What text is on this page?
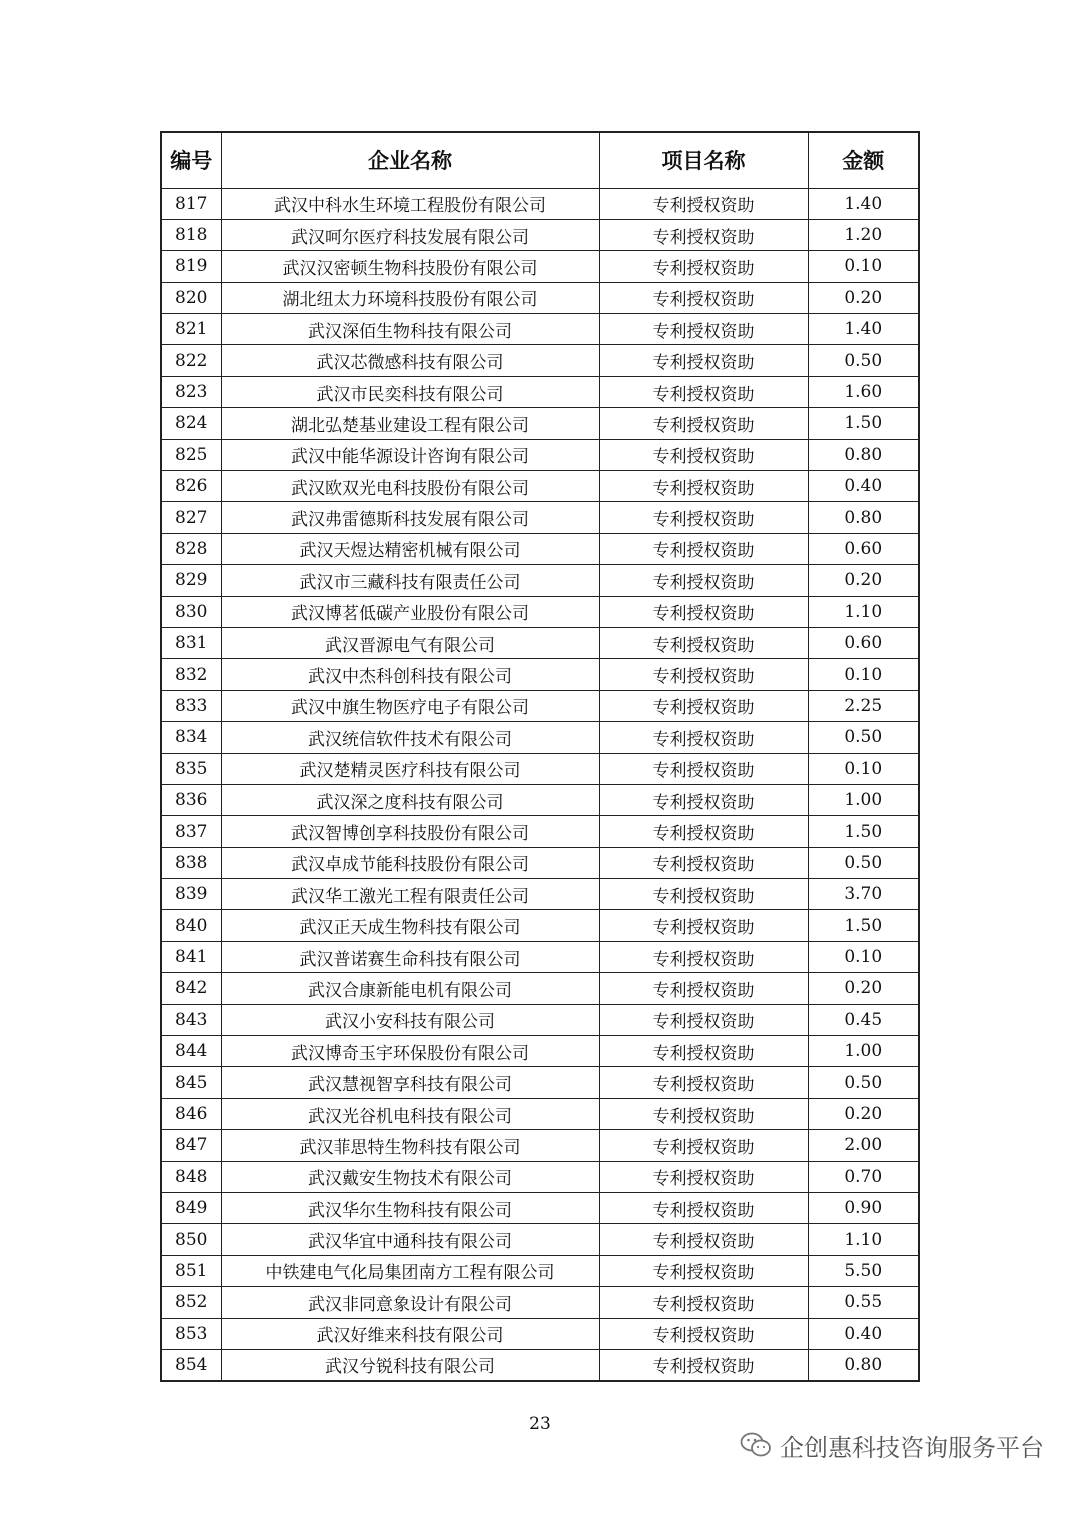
编号	企业名称	项目名称	金额
817	武汉中科水生环境工程股份有限公司	专利授权资助	1.40
818	武汉呵尔医疗科技发展有限公司	专利授权资助	1.20
819	武汉汉密顿生物科技股份有限公司	专利授权资助	0.10
820	湖北纽太力环境科技股份有限公司	专利授权资助	0.20
821	武汉深佰生物科技有限公司	专利授权资助	1.40
822	武汉芯微感科技有限公司	专利授权资助	0.50
823	武汉市民奕科技有限公司	专利授权资助	1.60
824	湖北弘楚基业建设工程有限公司	专利授权资助	1.50
825	武汉中能华源设计咨询有限公司	专利授权资助	0.80
826	武汉欧双光电科技股份有限公司	专利授权资助	0.40
827	武汉弗雷德斯科技发展有限公司	专利授权资助	0.80
828	武汉天煜达精密机械有限公司	专利授权资助	0.60
829	武汉市三藏科技有限责任公司	专利授权资助	0.20
830	武汉博茗低碳产业股份有限公司	专利授权资助	1.10
831	武汉晋源电气有限公司	专利授权资助	0.60
832	武汉中杰科创科技有限公司	专利授权资助	0.10
833	武汉中旗生物医疗电子有限公司	专利授权资助	2.25
834	武汉统信软件技术有限公司	专利授权资助	0.50
835	武汉楚精灵医疗科技有限公司	专利授权资助	0.10
836	武汉深之度科技有限公司	专利授权资助	1.00
837	武汉智博创享科技股份有限公司	专利授权资助	1.50
838	武汉卓成节能科技股份有限公司	专利授权资助	0.50
839	武汉华工激光工程有限责任公司	专利授权资助	3.70
840	武汉正天成生物科技有限公司	专利授权资助	1.50
841	武汉普诺赛生命科技有限公司	专利授权资助	0.10
842	武汉合康新能电机有限公司	专利授权资助	0.20
843	武汉小安科技有限公司	专利授权资助	0.45
844	武汉博奇玉宇环保股份有限公司	专利授权资助	1.00
845	武汉慧视智享科技有限公司	专利授权资助	0.50
846	武汉光谷机电科技有限公司	专利授权资助	0.20
847	武汉菲思特生物科技有限公司	专利授权资助	2.00
848	武汉戴安生物技术有限公司	专利授权资助	0.70
849	武汉华尔生物科技有限公司	专利授权资助	0.90
850	武汉华宜中通科技有限公司	专利授权资助	1.10
851	中铁建电气化局集团南方工程有限公司	专利授权资助	5.50
852	武汉非同意象设计有限公司	专利授权资助	0.55
853	武汉好维来科技有限公司	专利授权资助	0.40
854	武汉兮锐科技有限公司	专利授权资助	0.80
23
企创惠科技咨询服务平台
